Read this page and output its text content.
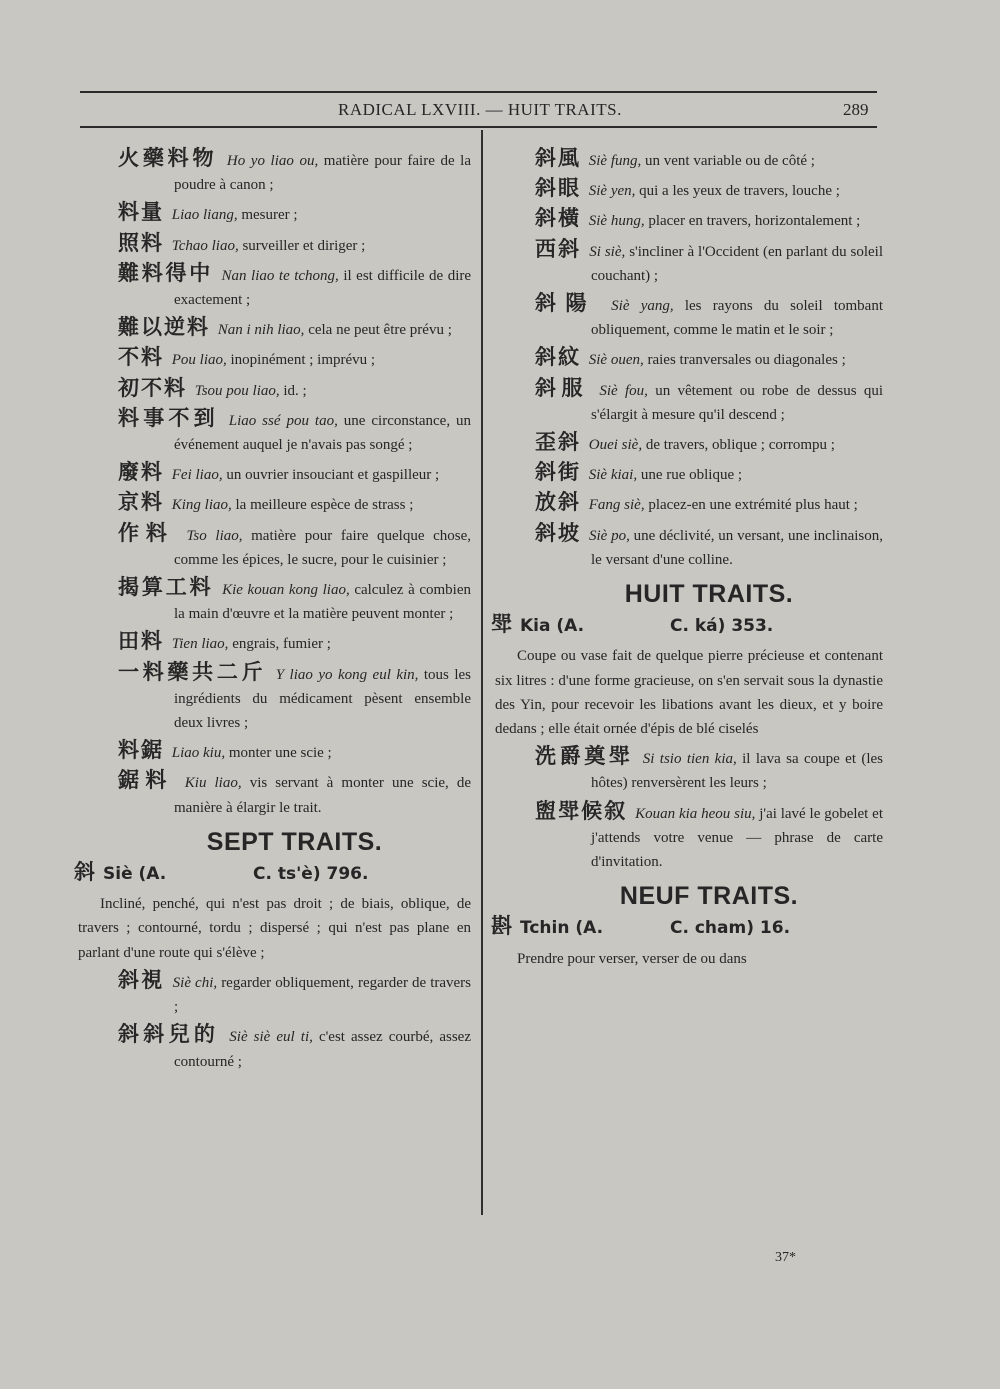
RADICAL LXVIII. — HUIT TRAITS.	289

火藥料物 Ho yo liao ou, matière pour faire de la poudre à canon ;

料量 Liao liang, mesurer ;

照料 Tchao liao, surveiller et diriger ;

難料得中 Nan liao te tchong, il est difficile de dire exactement ;

難以逆料 Nan i nih liao, cela ne peut être prévu ;

不料 Pou liao, inopinément ; imprévu ;

初不料 Tsou pou liao, id. ;

料事不到 Liao ssé pou tao, une circonstance, un événement auquel je n'avais pas songé ;

廢料 Fei liao, un ouvrier insouciant et gaspilleur ;

京料 King liao, la meilleure espèce de strass ;

作料 Tso liao, matière pour faire quelque chose, comme les épices, le sucre, pour le cuisinier ;

揭算工料 Kie kouan kong liao, calculez à combien la main d'œuvre et la matière peuvent monter ;

田料 Tien liao, engrais, fumier ;

一料藥共二斤 Y liao yo kong eul kin, tous les ingrédients du médicament pèsent ensemble deux livres ;

料鋸 Liao kiu, monter une scie ;

鋸料 Kiu liao, vis servant à monter une scie, de manière à élargir le trait.

SEPT TRAITS.
斜 Siè (A.	C. ts'è) 796.

Incliné, penché, qui n'est pas droit ; de biais, oblique, de travers ; contourné, tordu ; dispersé ; qui n'est pas plane en parlant d'une route qui s'élève ;

斜視 Siè chi, regarder obliquement, regarder de travers ;

斜斜兒的 Siè siè eul ti, c'est assez courbé, assez contourné ;

斜風 Siè fung, un vent variable ou de côté ;

斜眼 Siè yen, qui a les yeux de travers, louche ;

斜橫 Siè hung, placer en travers, horizontalement ;

西斜 Si siè, s'incliner à l'Occident (en parlant du soleil couchant) ;

斜陽 Siè yang, les rayons du soleil tombant obliquement, comme le matin et le soir ;

斜紋 Siè ouen, raies tranversales ou diagonales ;

斜服 Siè fou, un vêtement ou robe de dessus qui s'élargit à mesure qu'il descend ;

歪斜 Ouei siè, de travers, oblique ; corrompu ;

斜街 Siè kiai, une rue oblique ;

放斜 Fang siè, placez-en une extrémité plus haut ;

斜坡 Siè po, une déclivité, un versant, une inclinaison, le versant d'une colline.

HUIT TRAITS.
斝 Kia (A.	C. ká) 353.

Coupe ou vase fait de quelque pierre précieuse et contenant six litres : d'une forme gracieuse, on s'en servait sous la dynastie des Yin, pour recevoir les libations avant les dieux, et y boire dedans ; elle était ornée d'épis de blé ciselés

洗爵奠斝 Si tsio tien kia, il lava sa coupe et (les hôtes) renversèrent les leurs ;

盥斝候叙 Kouan kia heou siu, j'ai lavé le gobelet et j'attends votre venue — phrase de carte d'invitation.

NEUF TRAITS.
斟 Tchin (A.	C. cham) 16.

Prendre pour verser, verser de ou dans

37*
